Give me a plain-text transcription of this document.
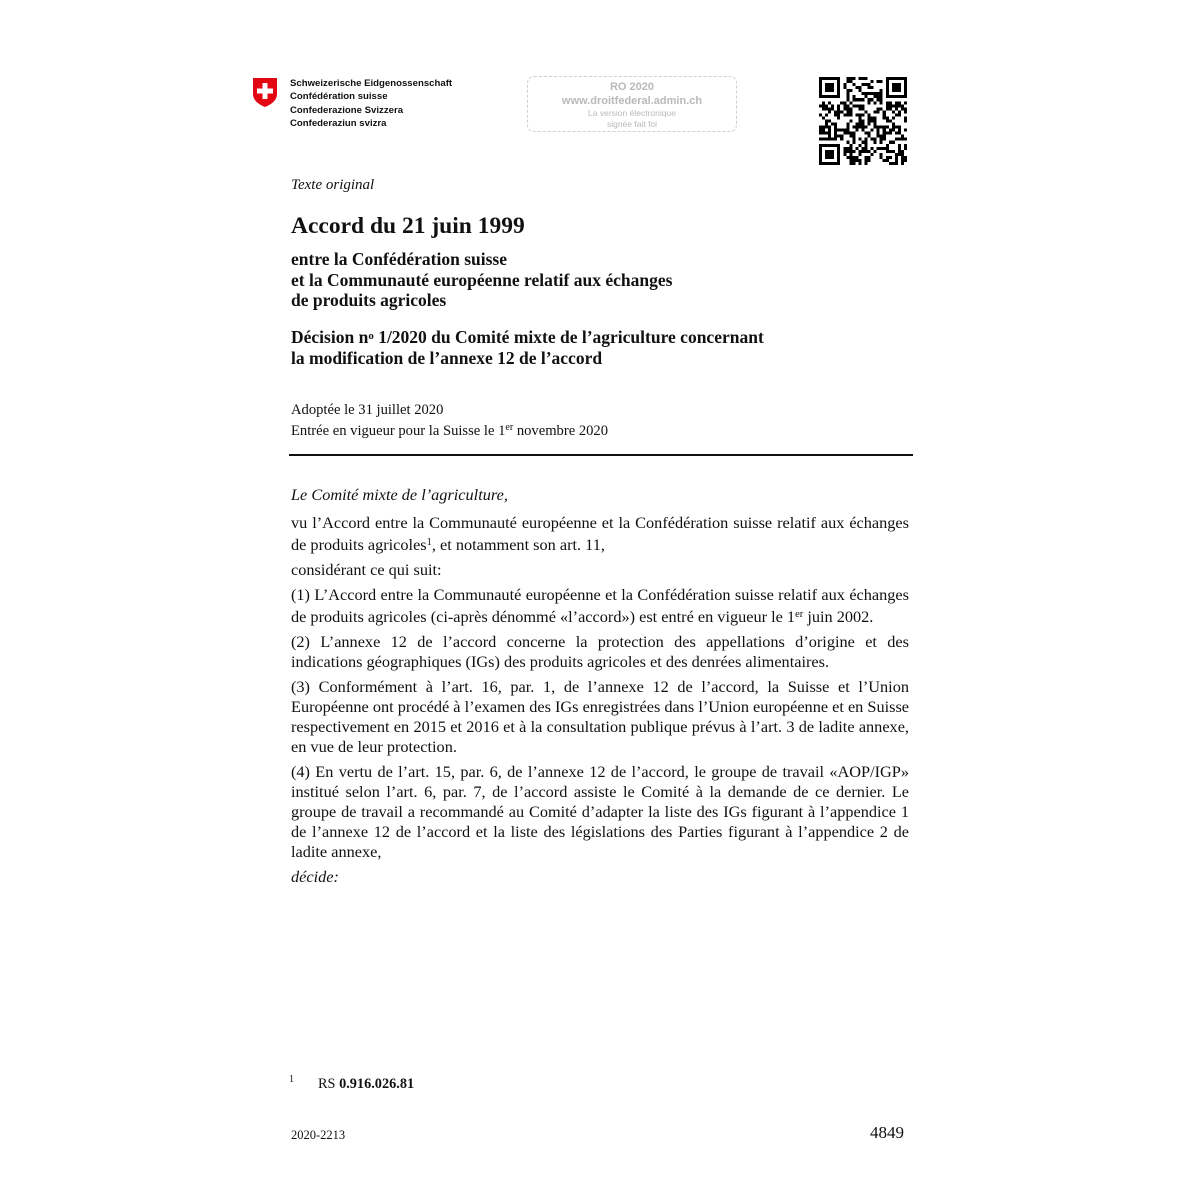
Schweizerische Eidgenossenschaft
Confédération suisse
Confederazione Svizzera
Confederaziun svizra
RO 2020
www.droitfederal.admin.ch
La version électronique
signée fait foi
Texte original
Accord du 21 juin 1999
entre la Confédération suisse
et la Communauté européenne relatif aux échanges
de produits agricoles
Décision $n^o$ 1/2020 du Comité mixte de l’agriculture concernant
la modification de l’annexe 12 de l’accord
Adoptée le 31 juillet 2020
Entrée en vigueur pour la Suisse le 1er novembre 2020

Le Comité mixte de l’agriculture,

vu l’Accord entre la Communauté européenne et la Confédération suisse relatif aux échanges de produits agricoles$^1$, et notamment son art. 11,

considérant ce qui suit:

(1) L’Accord entre la Communauté européenne et la Confédération suisse relatif aux échanges de produits agricoles (ci-après dénommé «l’accord») est entré en vigueur le 1er juin 2002.

(2) L’annexe 12 de l’accord concerne la protection des appellations d’origine et des indications géographiques (IGs) des produits agricoles et des denrées alimentaires.

(3) Conformément à l’art. 16, par. 1, de l’annexe 12 de l’accord, la Suisse et l’Union Européenne ont procédé à l’examen des IGs enregistrées dans l’Union européenne et en Suisse respectivement en 2015 et 2016 et à la consultation publique prévus à l’art. 3 de ladite annexe, en vue de leur protection.

(4) En vertu de l’art. 15, par. 6, de l’annexe 12 de l’accord, le groupe de travail «AOP/IGP» institué selon l’art. 6, par. 7, de l’accord assiste le Comité à la demande de ce dernier. Le groupe de travail a recommandé au Comité d’adapter la liste des IGs figurant à l’appendice 1 de l’annexe 12 de l’accord et la liste des législations des Parties figurant à l’appendice 2 de ladite annexe,

décide:

$^1$ RS 0.916.026.81
2020-2213	4849
